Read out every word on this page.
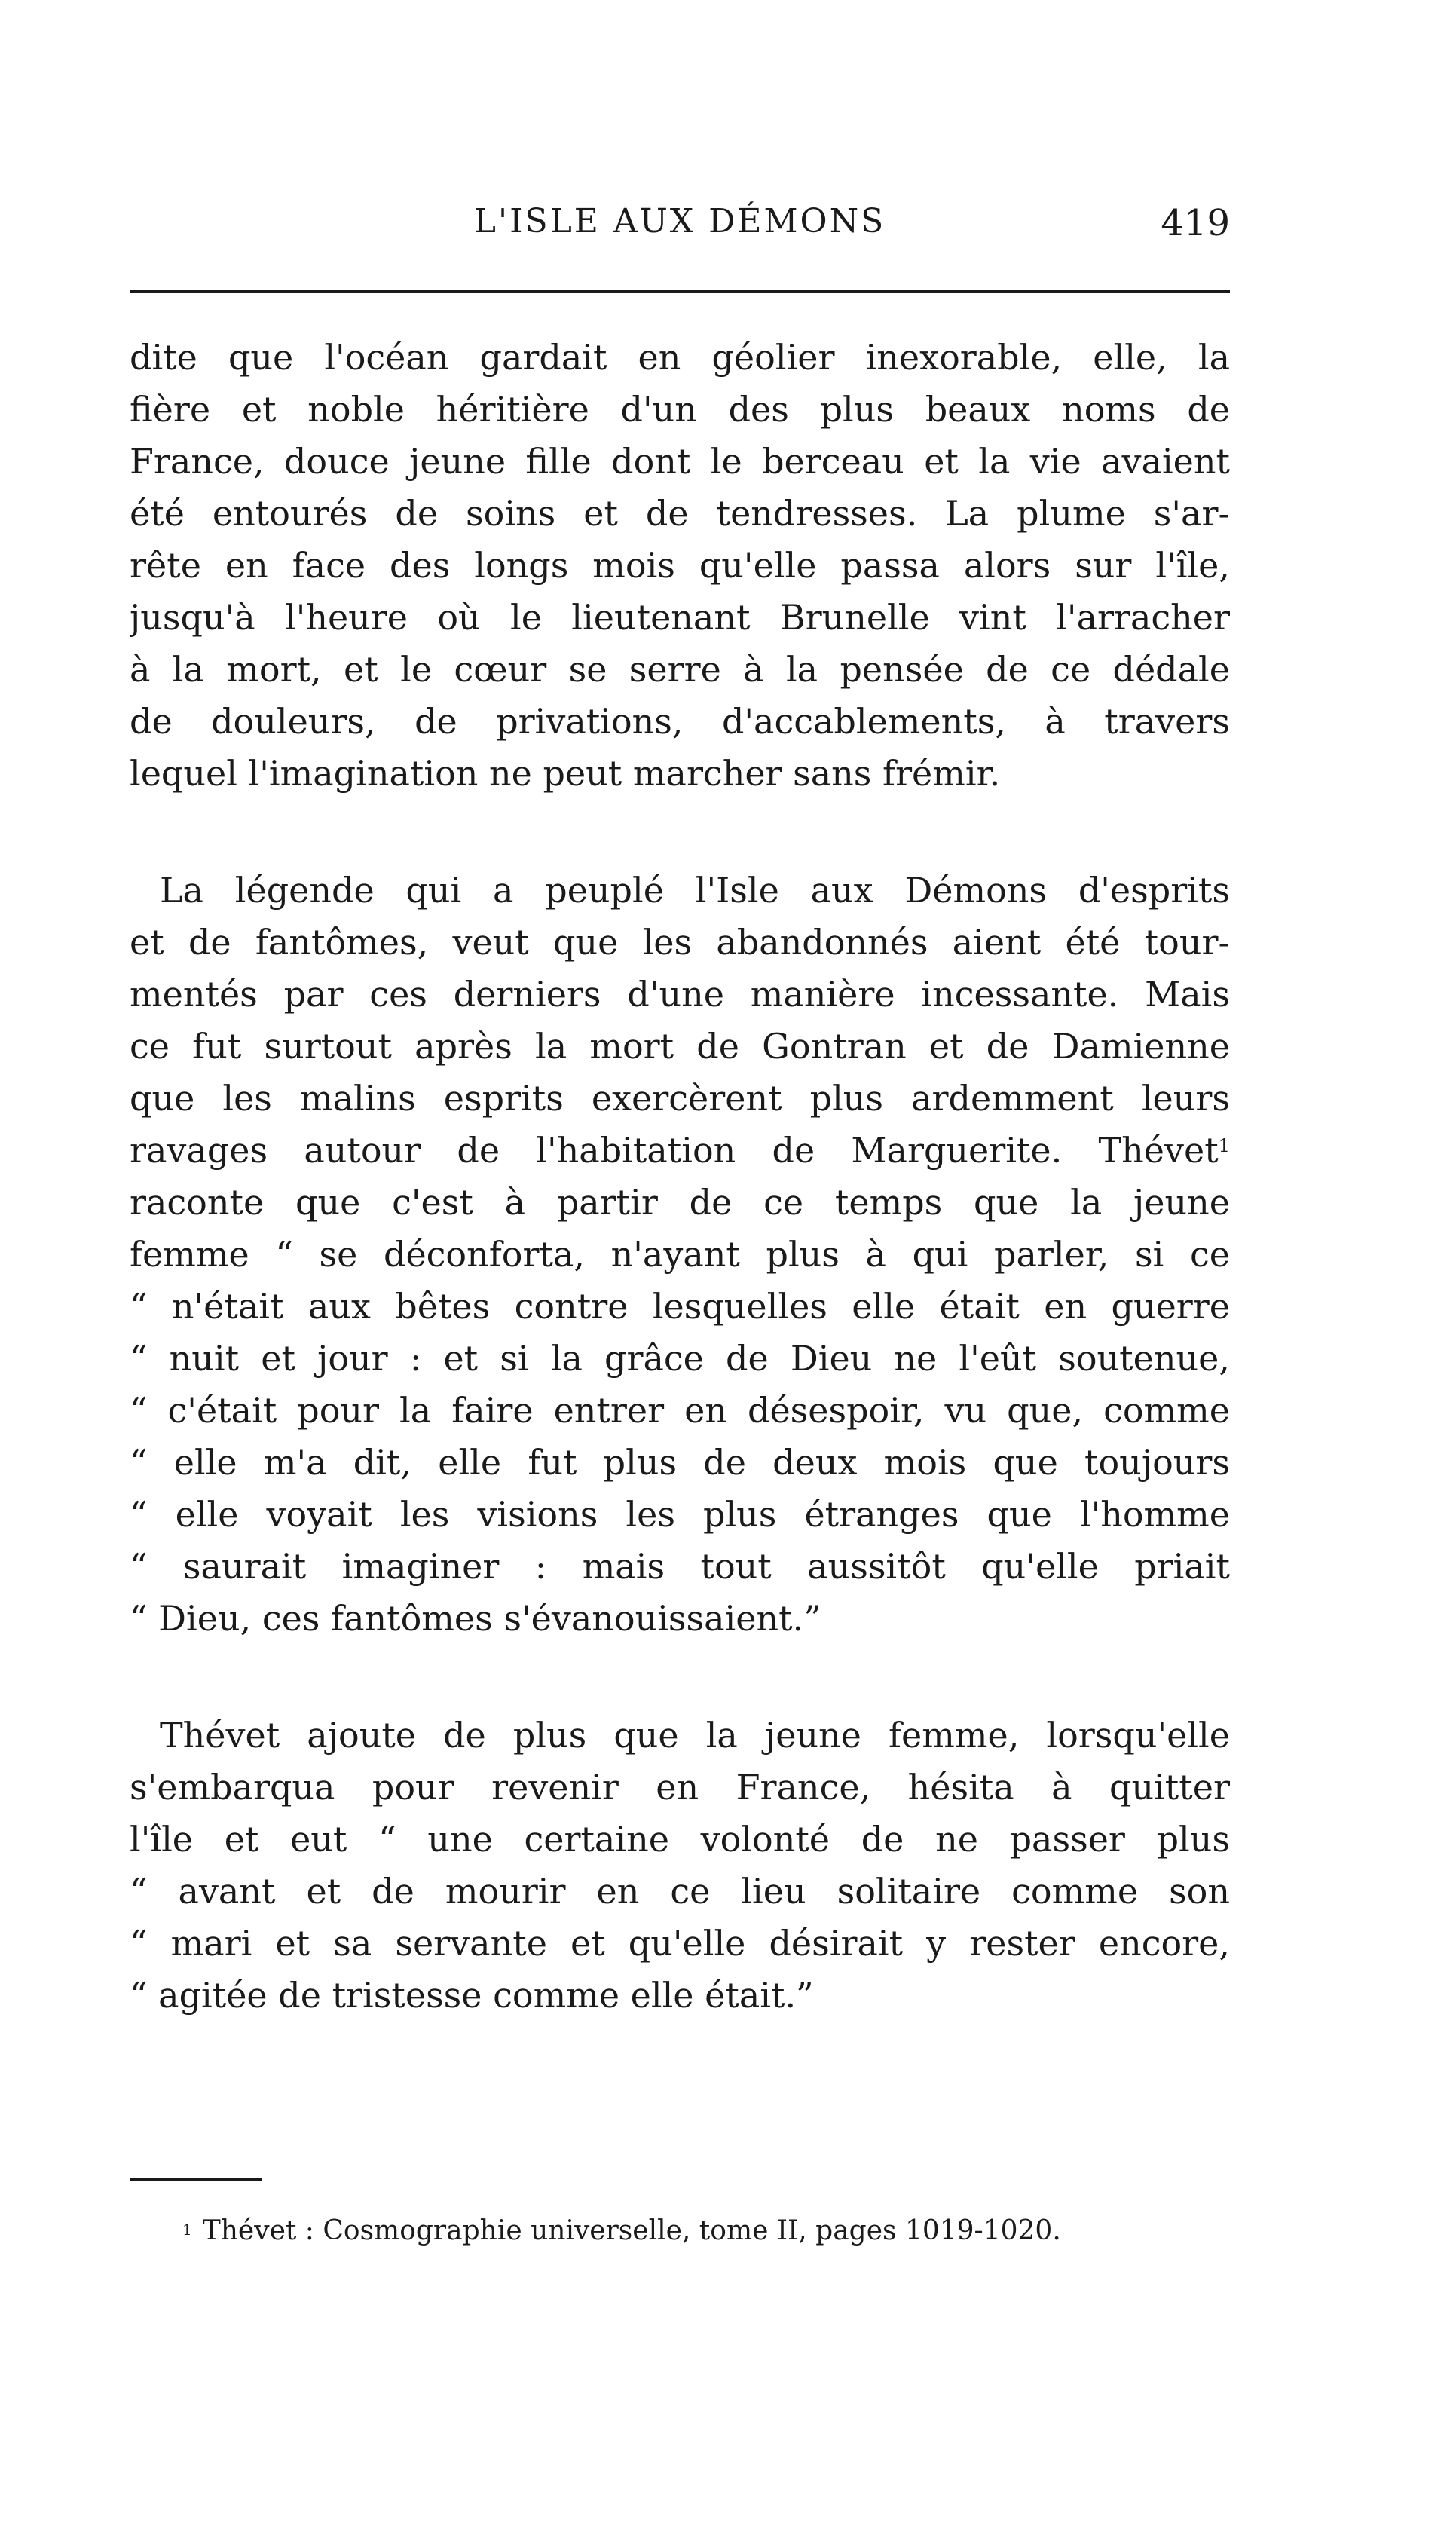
L'ISLE AUX DÉMONS	419

dite que l'océan gardait en géolier inexorable, elle, la
fière et noble héritière d'un des plus beaux noms de
France, douce jeune fille dont le berceau et la vie avaient
été entourés de soins et de tendresses. La plume s'ar-
rête en face des longs mois qu'elle passa alors sur l'île,
jusqu'à l'heure où le lieutenant Brunelle vint l'arracher
à la mort, et le cœur se serre à la pensée de ce dédale
de douleurs, de privations, d'accablements, à travers
lequel l'imagination ne peut marcher sans frémir.

La légende qui a peuplé l'Isle aux Démons d'esprits
et de fantômes, veut que les abandonnés aient été tour-
mentés par ces derniers d'une manière incessante. Mais
ce fut surtout après la mort de Gontran et de Damienne
que les malins esprits exercèrent plus ardemment leurs
ravages autour de l'habitation de Marguerite. Thévet$^1$
raconte que c'est à partir de ce temps que la jeune
femme “ se déconforta, n'ayant plus à qui parler, si ce
“ n'était aux bêtes contre lesquelles elle était en guerre
“ nuit et jour : et si la grâce de Dieu ne l'eût soutenue,
“ c'était pour la faire entrer en désespoir, vu que, comme
“ elle m'a dit, elle fut plus de deux mois que toujours
“ elle voyait les visions les plus étranges que l'homme
“ saurait imaginer : mais tout aussitôt qu'elle priait
“ Dieu, ces fantômes s'évanouissaient.”

Thévet ajoute de plus que la jeune femme, lorsqu'elle
s'embarqua pour revenir en France, hésita à quitter
l'île et eut “ une certaine volonté de ne passer plus
“ avant et de mourir en ce lieu solitaire comme son
“ mari et sa servante et qu'elle désirait y rester encore,
“ agitée de tristesse comme elle était.”

$^1$ Thévet : Cosmographie universelle, tome II, pages 1019-1020.
